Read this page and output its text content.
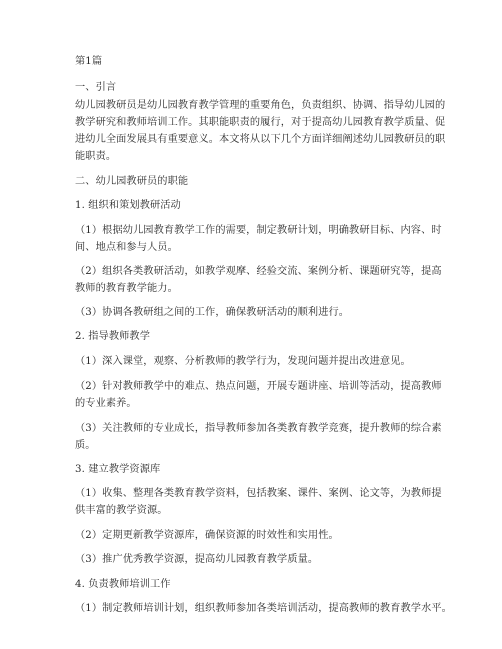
第1篇
一、引言
幼儿园教研员是幼儿园教育教学管理的重要角色，负责组织、协调、指导幼儿园的
教学研究和教师培训工作。其职能职责的履行，对于提高幼儿园教育教学质量、促
进幼儿全面发展具有重要意义。本文将从以下几个方面详细阐述幼儿园教研员的职
能职责。
二、幼儿园教研员的职能
1. 组织和策划教研活动
（1）根据幼儿园教育教学工作的需要，制定教研计划，明确教研目标、内容、时
间、地点和参与人员。
（2）组织各类教研活动，如教学观摩、经验交流、案例分析、课题研究等，提高
教师的教育教学能力。
（3）协调各教研组之间的工作，确保教研活动的顺利进行。
2. 指导教师教学
（1）深入课堂，观察、分析教师的教学行为，发现问题并提出改进意见。
（2）针对教师教学中的难点、热点问题，开展专题讲座、培训等活动，提高教师
的专业素养。
（3）关注教师的专业成长，指导教师参加各类教育教学竞赛，提升教师的综合素
质。
3. 建立教学资源库
（1）收集、整理各类教育教学资料，包括教案、课件、案例、论文等，为教师提
供丰富的教学资源。
（2）定期更新教学资源库，确保资源的时效性和实用性。
（3）推广优秀教学资源，提高幼儿园教育教学质量。
4. 负责教师培训工作
（1）制定教师培训计划，组织教师参加各类培训活动，提高教师的教育教学水平。
